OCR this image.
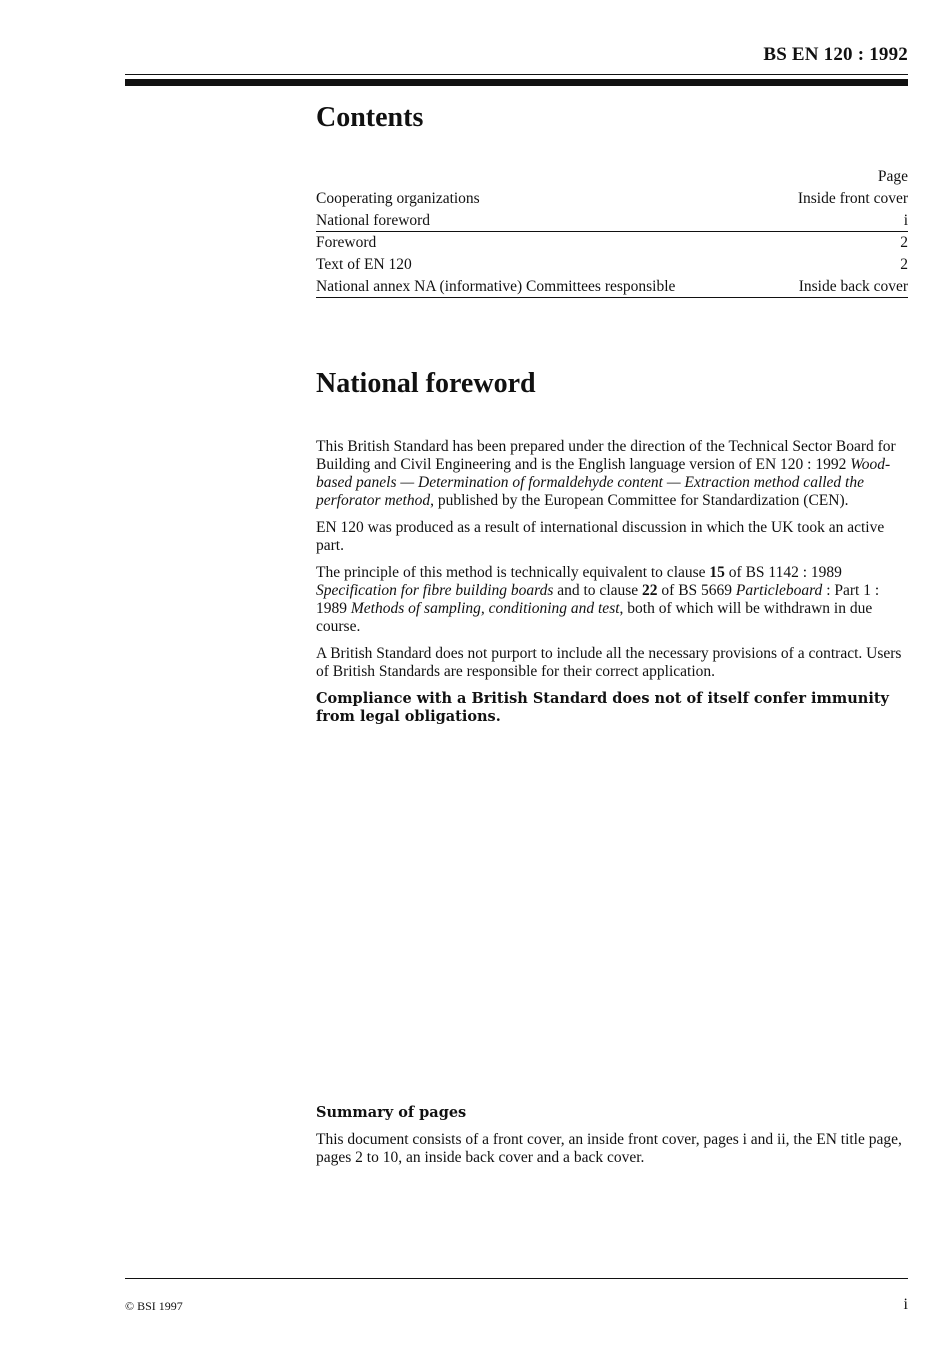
BS EN 120 : 1992
Contents
Page
Cooperating organizations	Inside front cover
National foreword	i
Foreword	2
Text of EN 120	2
National annex NA (informative) Committees responsible	Inside back cover
National foreword

This British Standard has been prepared under the direction of the Technical Sector Board for Building and Civil Engineering and is the English language version of EN 120 : 1992 Wood-based panels — Determination of formaldehyde content — Extraction method called the perforator method, published by the European Committee for Standardization (CEN).

EN 120 was produced as a result of international discussion in which the UK took an active part.

The principle of this method is technically equivalent to clause 15 of BS 1142 : 1989 Specification for fibre building boards and to clause 22 of BS 5669 Particleboard : Part 1 : 1989 Methods of sampling, conditioning and test, both of which will be withdrawn in due course.

A British Standard does not purport to include all the necessary provisions of a contract. Users of British Standards are responsible for their correct application.

Compliance with a British Standard does not of itself confer immunity from legal obligations.

Summary of pages
This document consists of a front cover, an inside front cover, pages i and ii, the EN title page, pages 2 to 10, an inside back cover and a back cover.
© BSI 1997	i
